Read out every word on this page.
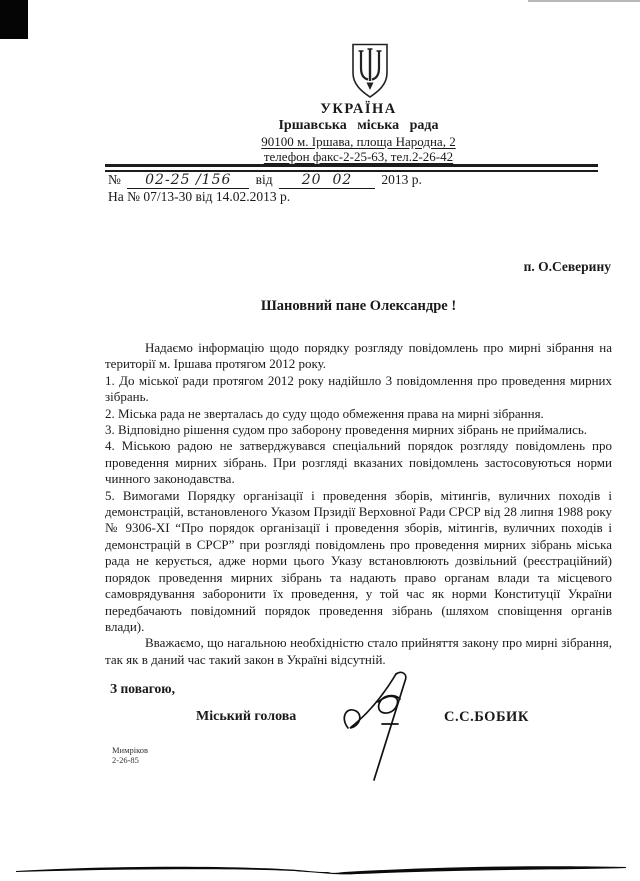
УКРАЇНА
Іршавська міська рада
90100 м. Іршава, площа Народна, 2
телефон факс-2-25-63, тел.2-26-42
№ 02-25 /156 від 20  02 2013 р.
На № 07/13-30 від 14.02.2013 р.
п. О.Северину
Шановний пане Олександре !

Надаємо інформацію щодо порядку розгляду повідомлень про мирні зібрання на території м. Іршава протягом 2012 року.

1. До міської ради протягом 2012 року надійшло 3 повідомлення про проведення мирних зібрань.

2. Міська рада не зверталась до суду щодо обмеження права на мирні зібрання.

3. Відповідно рішення судом про заборону проведення мирних зібрань не приймались.

4. Міською радою не затверджувався спеціальний порядок розгляду повідомлень про проведення мирних зібрань. При розгляді вказаних повідомлень застосовуються норми чинного законодавства.

5. Вимогами Порядку організації і проведення зборів, мітингів, вуличних походів і демонстрацій, встановленого Указом Прзидії Верховної Ради СРСР від 28 липня 1988 року № 9306-ХІ “Про порядок організації і проведення зборів, мітингів, вуличних походів і демонстрацій в СРСР” при розгляді повідомлень про проведення мирних зібрань міська рада не керується, адже норми цього Указу встановлюють дозвільний (реєстраційний) порядок проведення мирних зібрань та надають право органам влади та місцевого самоврядування заборонити їх проведення, у той час як норми Конституції України передбачають повідомний порядок проведення зібрань (шляхом сповіщення органів влади).

Вважаємо, що нагальною необхідністю стало прийняття закону про мирні зібрання, так як в даний час такий закон в Україні відсутній.

З повагою,
Міський голова	С.С.БОБИК
Мимріков
2-26-85
